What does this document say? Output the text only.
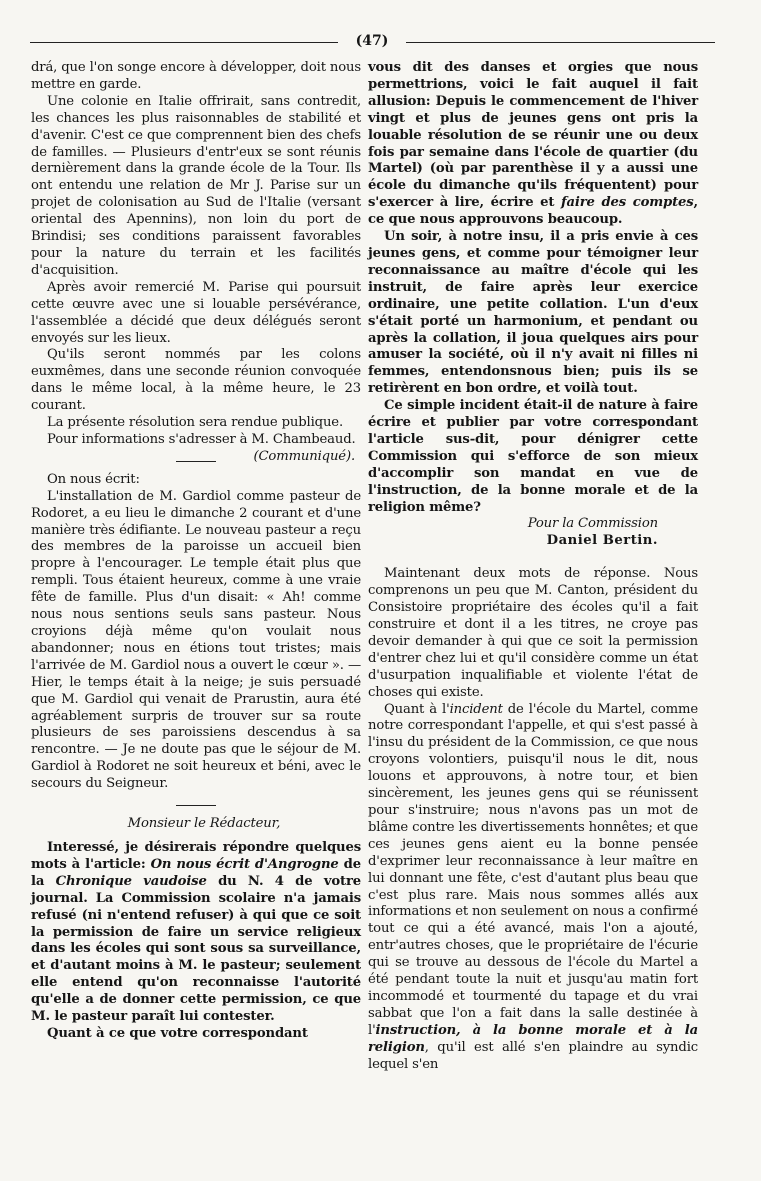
(47)

drá, que l'on songe encore à développer, doit nous mettre en garde.

Une colonie en Italie offrirait, sans contredit, les chances les plus raisonnables de stabilité et d'avenir. C'est ce que comprennent bien des chefs de familles. — Plusieurs d'entr'eux se sont réunis dernièrement dans la grande école de la Tour. Ils ont entendu une relation de Mr J. Parise sur un projet de colonisation au Sud de l'Italie (versant oriental des Apennins), non loin du port de Brindisi; ses conditions paraissent favorables pour la nature du terrain et les facilités d'acquisition.

Après avoir remercié M. Parise qui poursuit cette œuvre avec une si louable persévérance, l'assemblée a décidé que deux délégués seront envoyés sur les lieux.

Qu'ils seront nommés par les colons euxmêmes, dans une seconde réunion convoquée dans le même local, à la même heure, le 23 courant.

La présente résolution sera rendue publique.

Pour informations s'adresser à M. Chambeaud.
(Communiqué).

On nous écrit:

L'installation de M. Gardiol comme pasteur de Rodoret, a eu lieu le dimanche 2 courant et d'une manière très édifiante. Le nouveau pasteur a reçu des membres de la paroisse un accueil bien propre à l'encourager. Le temple était plus que rempli. Tous étaient heureux, comme à une vraie fête de famille. Plus d'un disait: « Ah! comme nous nous sentions seuls sans pasteur. Nous croyions déjà même qu'on voulait nous abandonner; nous en étions tout tristes; mais l'arrivée de M. Gardiol nous a ouvert le cœur ». — Hier, le temps était à la neige; je suis persuadé que M. Gardiol qui venait de Prarustin, aura été agréablement surpris de trouver sur sa route plusieurs de ses paroissiens descendus à sa rencontre. — Je ne doute pas que le séjour de M. Gardiol à Rodoret ne soit heureux et béni, avec le secours du Seigneur.

Monsieur le Rédacteur,

Interessé, je désirerais répondre quelques mots à l'article: On nous écrit d'Angrogne de la Chronique vaudoise du N. 4 de votre journal. La Commission scolaire n'a jamais refusé (ni n'entend refuser) à qui que ce soit la permission de faire un service religieux dans les écoles qui sont sous sa surveillance, et d'autant moins à M. le pasteur; seulement elle entend qu'on reconnaisse l'autorité qu'elle a de donner cette permission, ce que M. le pasteur paraît lui contester.

Quant à ce que votre correspondant

vous dit des danses et orgies que nous permettrions, voici le fait auquel il fait allusion: Depuis le commencement de l'hiver vingt et plus de jeunes gens ont pris la louable résolution de se réunir une ou deux fois par semaine dans l'école de quartier (du Martel) (où par parenthèse il y a aussi une école du dimanche qu'ils fréquentent) pour s'exercer à lire, écrire et faire des comptes, ce que nous approuvons beaucoup.

Un soir, à notre insu, il a pris envie à ces jeunes gens, et comme pour témoigner leur reconnaissance au maître d'école qui les instruit, de faire après leur exercice ordinaire, une petite collation. L'un d'eux s'était porté un harmonium, et pendant ou après la collation, il joua quelques airs pour amuser la société, où il n'y avait ni filles ni femmes, entendonsnous bien; puis ils se retirèrent en bon ordre, et voilà tout.

Ce simple incident était-il de nature à faire écrire et publier par votre correspondant l'article sus-dit, pour dénigrer cette Commission qui s'efforce de son mieux d'accomplir son mandat en vue de l'instruction, de la bonne morale et de la religion même?

Pour la Commission
Daniel Bertin.

Maintenant deux mots de réponse. Nous comprenons un peu que M. Canton, président du Consistoire propriétaire des écoles qu'il a fait construire et dont il a les titres, ne croye pas devoir demander à qui que ce soit la permission d'entrer chez lui et qu'il considère comme un état d'usurpation inqualifiable et violente l'état de choses qui existe.

Quant à l'incident de l'école du Martel, comme notre correspondant l'appelle, et qui s'est passé à l'insu du président de la Commission, ce que nous croyons volontiers, puisqu'il nous le dit, nous louons et approuvons, à notre tour, et bien sincèrement, les jeunes gens qui se réunissent pour s'instruire; nous n'avons pas un mot de blâme contre les divertissements honnêtes; et que ces jeunes gens aient eu la bonne pensée d'exprimer leur reconnaissance à leur maître en lui donnant une fête, c'est d'autant plus beau que c'est plus rare. Mais nous sommes allés aux informations et non seulement on nous a confirmé tout ce qui a été avancé, mais l'on a ajouté, entr'autres choses, que le propriétaire de l'écurie qui se trouve au dessous de l'école du Martel a été pendant toute la nuit et jusqu'au matin fort incommodé et tourmenté du tapage et du vrai sabbat que l'on a fait dans la salle destinée à l'instruction, à la bonne morale et à la religion, qu'il est allé s'en plaindre au syndic lequel s'en
